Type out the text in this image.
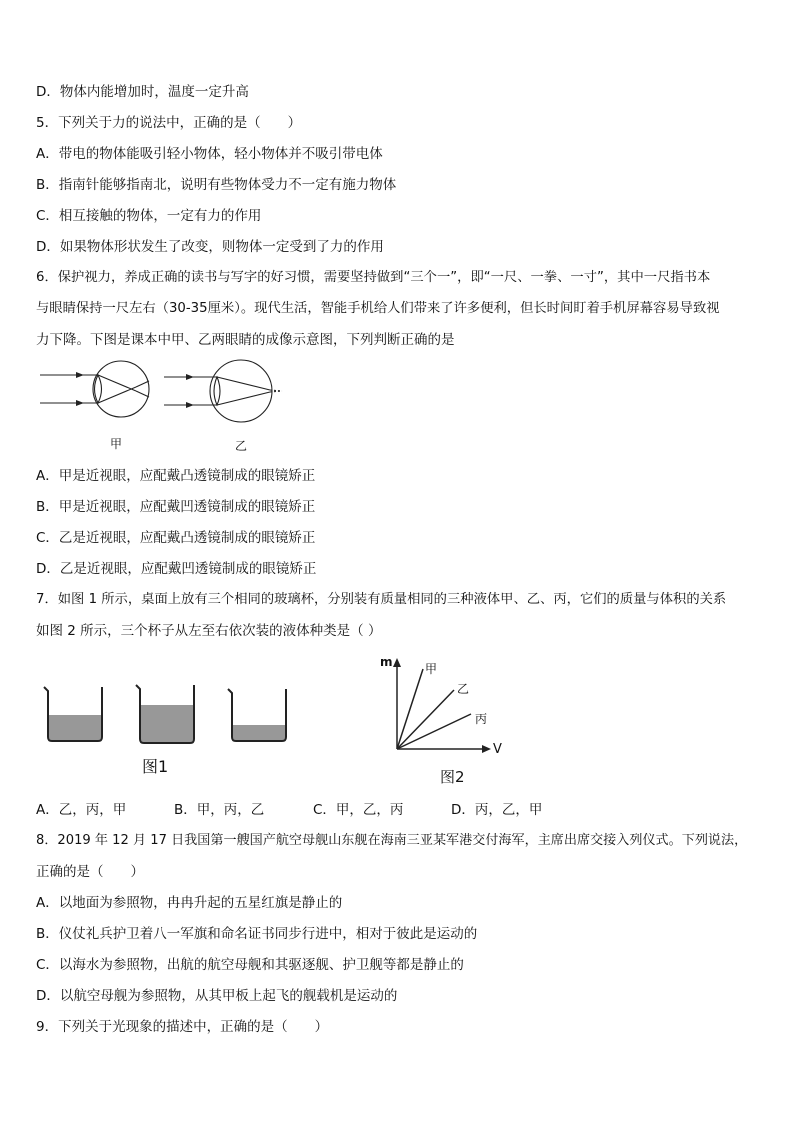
D．物体内能增加时，温度一定升高
5．下列关于力的说法中，正确的是（　　）
A．带电的物体能吸引轻小物体，轻小物体并不吸引带电体
B．指南针能够指南北，说明有些物体受力不一定有施力物体
C．相互接触的物体，一定有力的作用
D．如果物体形状发生了改变，则物体一定受到了力的作用
6．保护视力，养成正确的读书与写字的好习惯，需要坚持做到“三个一”，即“一尺、一拳、一寸”，其中一尺指书本
与眼睛保持一尺左右（30-35厘米）。现代生活，智能手机给人们带来了许多便利，但长时间盯着手机屏幕容易导致视
力下降。下图是课本中甲、乙两眼睛的成像示意图，下列判断正确的是
甲	乙
A．甲是近视眼，应配戴凸透镜制成的眼镜矫正
B．甲是近视眼，应配戴凹透镜制成的眼镜矫正
C．乙是近视眼，应配戴凸透镜制成的眼镜矫正
D．乙是近视眼，应配戴凹透镜制成的眼镜矫正
7．如图 1 所示，桌面上放有三个相同的玻璃杯，分别装有质量相同的三种液体甲、乙、丙，它们的质量与体积的关系
如图 2 所示，三个杯子从左至右依次装的液体种类是（ ）
图1
m
V
甲
乙
丙
图2
A．乙，丙，甲	B．甲，丙，乙	C．甲，乙，丙	D．丙，乙，甲
8．2019 年 12 月 17 日我国第一艘国产航空母舰山东舰在海南三亚某军港交付海军，主席出席交接入列仪式。下列说法，
正确的是（　　）
A．以地面为参照物，冉冉升起的五星红旗是静止的
B．仪仗礼兵护卫着八一军旗和命名证书同步行进中，相对于彼此是运动的
C．以海水为参照物，出航的航空母舰和其驱逐舰、护卫舰等都是静止的
D．以航空母舰为参照物，从其甲板上起飞的舰载机是运动的
9．下列关于光现象的描述中，正确的是（　　）
